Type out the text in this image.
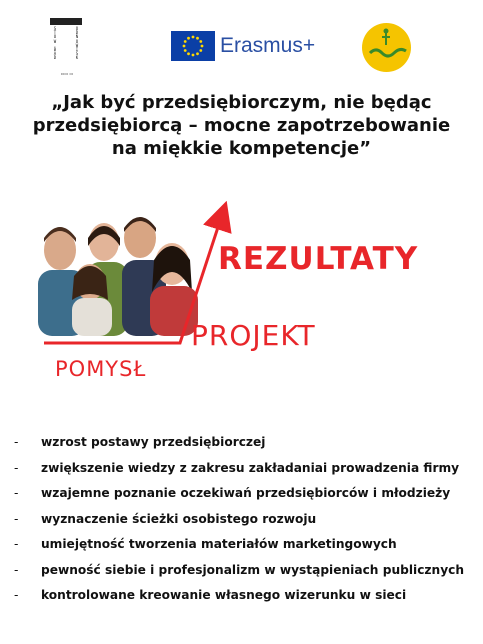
S
T
O
W
.
B
A
D
O
D
N
O
W
I
S
K
▭▭ ▭
Erasmus+
„Jak być przedsiębiorczym, nie będąc
przedsiębiorcą – mocne zapotrzebowanie
na miękkie kompetencje”
REZULTATY
PROJEKT
POMYSŁ
- wzrost postawy przedsiębiorczej
- zwiększenie wiedzy z zakresu zakładaniai prowadzenia firmy
- wzajemne poznanie oczekiwań przedsiębiorców i młodzieży
- wyznaczenie ścieżki osobistego rozwoju
- umiejętność tworzenia materiałów marketingowych
- pewność siebie i profesjonalizm w wystąpieniach publicznych
- kontrolowane kreowanie własnego wizerunku w sieci
